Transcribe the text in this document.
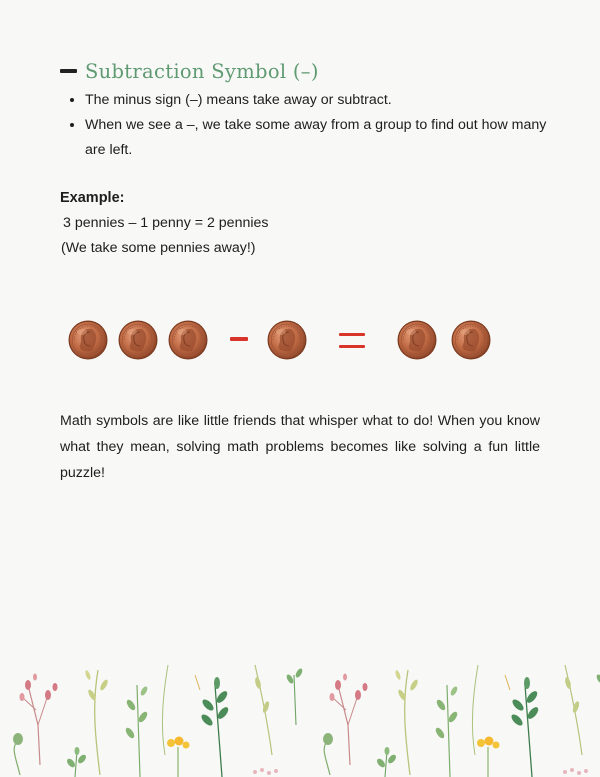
Subtraction Symbol (–)
• The minus sign (–) means take away or subtract.
• When we see a –, we take some away from a group to find out how many are left.
Example:
3 pennies – 1 penny = 2 pennies
(We take some pennies away!)
Math symbols are like little friends that whisper what to do! When you know what they mean, solving math problems becomes like solving a fun little puzzle!
